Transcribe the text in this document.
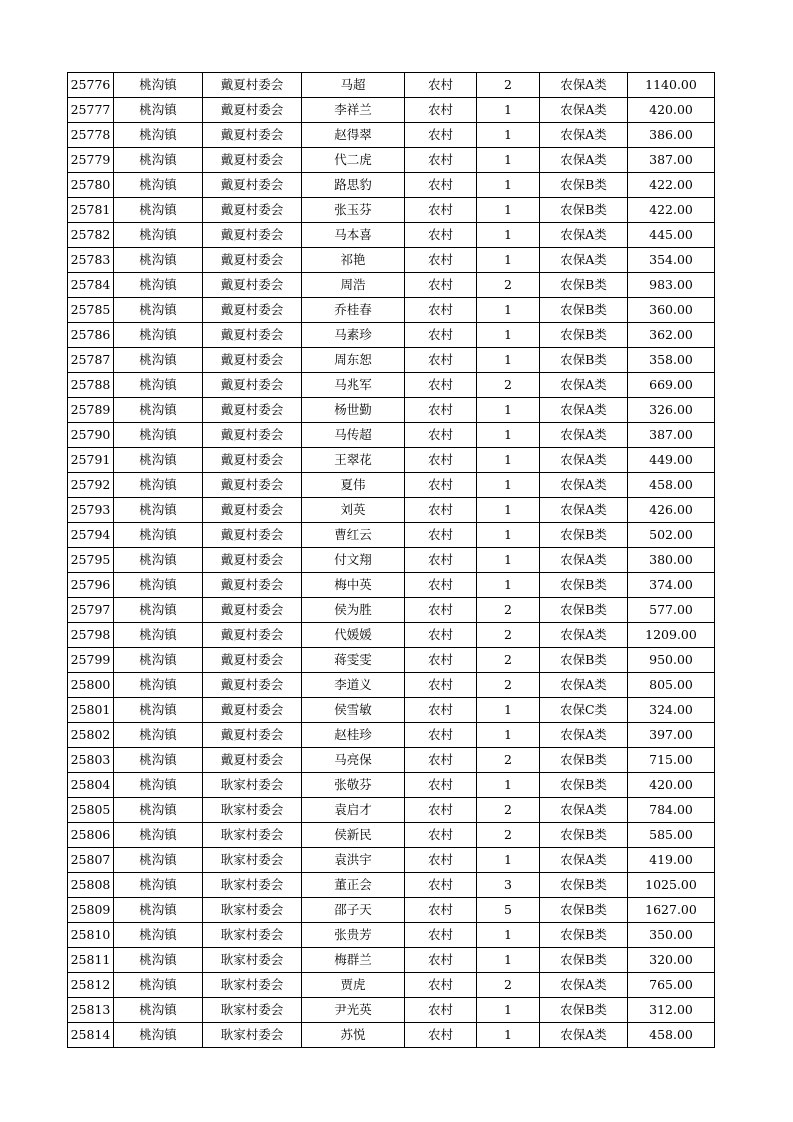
25776	桃沟镇	戴夏村委会	马超	农村	2	农保A类	1140.00
25777	桃沟镇	戴夏村委会	李祥兰	农村	1	农保A类	420.00
25778	桃沟镇	戴夏村委会	赵得翠	农村	1	农保A类	386.00
25779	桃沟镇	戴夏村委会	代二虎	农村	1	农保A类	387.00
25780	桃沟镇	戴夏村委会	路思豹	农村	1	农保B类	422.00
25781	桃沟镇	戴夏村委会	张玉芬	农村	1	农保B类	422.00
25782	桃沟镇	戴夏村委会	马本喜	农村	1	农保A类	445.00
25783	桃沟镇	戴夏村委会	祁艳	农村	1	农保A类	354.00
25784	桃沟镇	戴夏村委会	周浩	农村	2	农保B类	983.00
25785	桃沟镇	戴夏村委会	乔桂春	农村	1	农保B类	360.00
25786	桃沟镇	戴夏村委会	马素珍	农村	1	农保B类	362.00
25787	桃沟镇	戴夏村委会	周东恕	农村	1	农保B类	358.00
25788	桃沟镇	戴夏村委会	马兆军	农村	2	农保A类	669.00
25789	桃沟镇	戴夏村委会	杨世勤	农村	1	农保A类	326.00
25790	桃沟镇	戴夏村委会	马传超	农村	1	农保A类	387.00
25791	桃沟镇	戴夏村委会	王翠花	农村	1	农保A类	449.00
25792	桃沟镇	戴夏村委会	夏伟	农村	1	农保A类	458.00
25793	桃沟镇	戴夏村委会	刘英	农村	1	农保A类	426.00
25794	桃沟镇	戴夏村委会	曹红云	农村	1	农保B类	502.00
25795	桃沟镇	戴夏村委会	付文翔	农村	1	农保A类	380.00
25796	桃沟镇	戴夏村委会	梅中英	农村	1	农保B类	374.00
25797	桃沟镇	戴夏村委会	侯为胜	农村	2	农保B类	577.00
25798	桃沟镇	戴夏村委会	代媛媛	农村	2	农保A类	1209.00
25799	桃沟镇	戴夏村委会	蒋雯雯	农村	2	农保B类	950.00
25800	桃沟镇	戴夏村委会	李道义	农村	2	农保A类	805.00
25801	桃沟镇	戴夏村委会	侯雪敏	农村	1	农保C类	324.00
25802	桃沟镇	戴夏村委会	赵桂珍	农村	1	农保A类	397.00
25803	桃沟镇	戴夏村委会	马亮保	农村	2	农保B类	715.00
25804	桃沟镇	耿家村委会	张敬芬	农村	1	农保B类	420.00
25805	桃沟镇	耿家村委会	袁启才	农村	2	农保A类	784.00
25806	桃沟镇	耿家村委会	侯新民	农村	2	农保B类	585.00
25807	桃沟镇	耿家村委会	袁洪宇	农村	1	农保A类	419.00
25808	桃沟镇	耿家村委会	董正会	农村	3	农保B类	1025.00
25809	桃沟镇	耿家村委会	邵子天	农村	5	农保B类	1627.00
25810	桃沟镇	耿家村委会	张贵芳	农村	1	农保B类	350.00
25811	桃沟镇	耿家村委会	梅群兰	农村	1	农保B类	320.00
25812	桃沟镇	耿家村委会	贾虎	农村	2	农保A类	765.00
25813	桃沟镇	耿家村委会	尹光英	农村	1	农保B类	312.00
25814	桃沟镇	耿家村委会	苏悦	农村	1	农保A类	458.00
